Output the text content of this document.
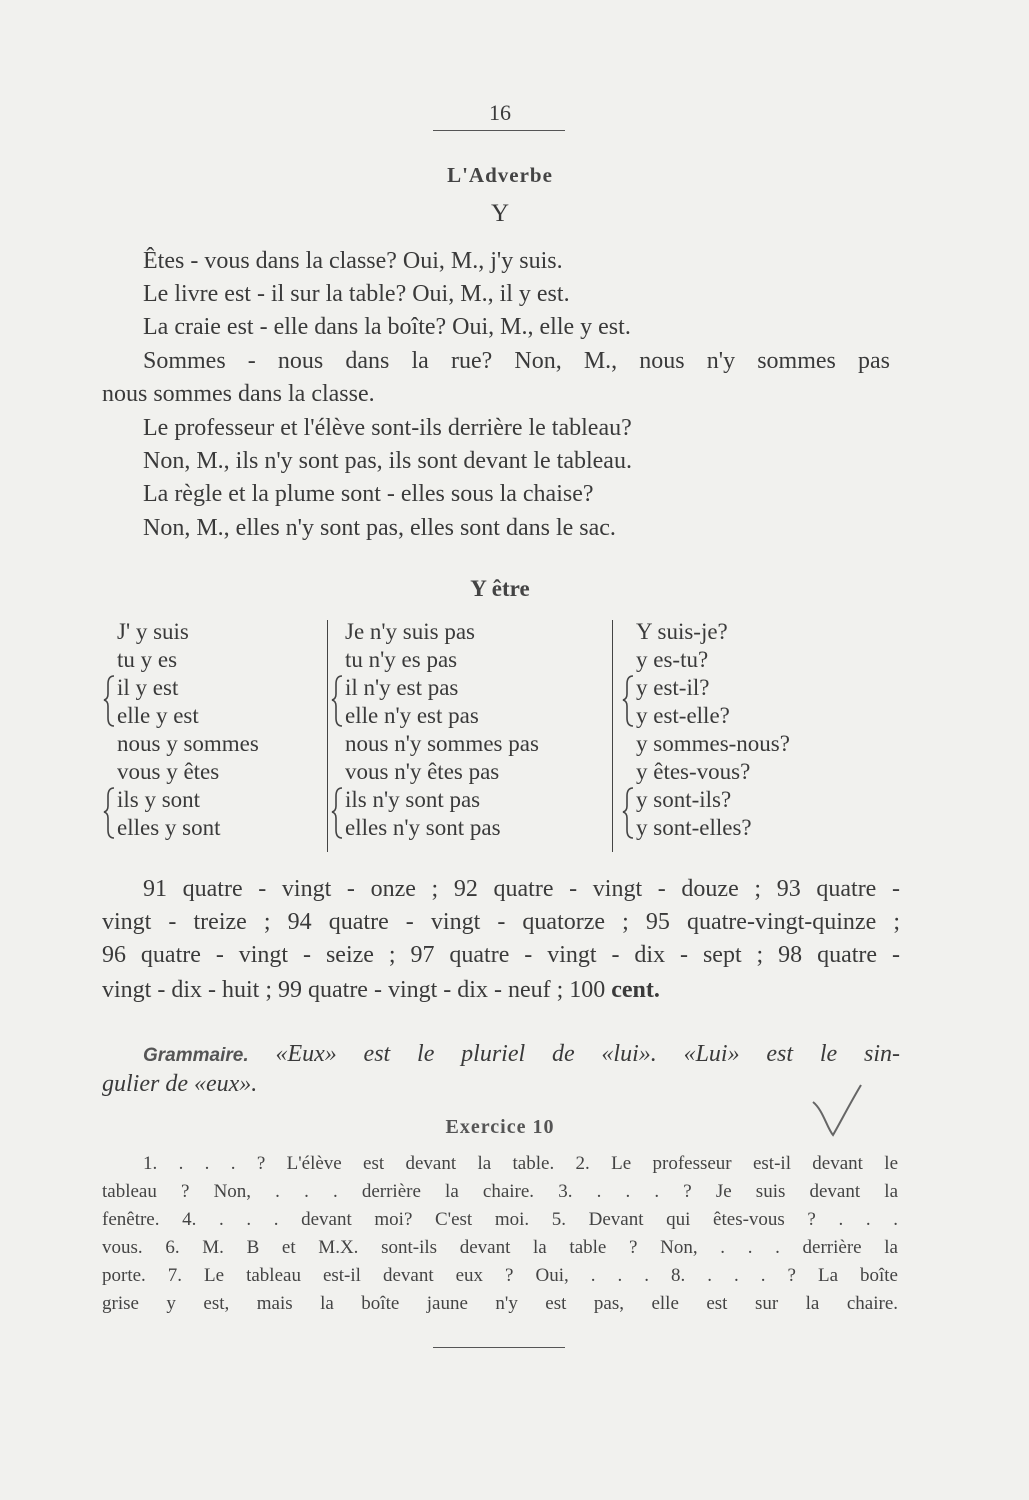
16
L'Adverbe
Y
Êtes - vous dans la classe? Oui, M., j'y suis.
Le livre est - il sur la table? Oui, M., il y est.
La craie est - elle dans la boîte? Oui, M., elle y est.
Sommes - nous dans la rue? Non, M., nous n'y sommes pas
nous sommes dans la classe.
Le professeur et l'élève sont-ils derrière le tableau?
Non, M., ils n'y sont pas, ils sont devant le tableau.
La règle et la plume sont - elles sous la chaise?
Non, M., elles n'y sont pas, elles sont dans le sac.
Y être
J' y suis
tu y es
il y est
elle y est
nous y sommes
vous y êtes
ils y sont
elles y sont
Je n'y suis pas
tu n'y es pas
il n'y est pas
elle n'y est pas
nous n'y sommes pas
vous n'y êtes pas
ils n'y sont pas
elles n'y sont pas
Y suis-je?
y es-tu?
y est-il?
y est-elle?
y sommes-nous?
y êtes-vous?
y sont-ils?
y sont-elles?
91 quatre - vingt - onze ; 92 quatre - vingt - douze ; 93 quatre -
vingt - treize ; 94 quatre - vingt - quatorze ; 95 quatre-vingt-quinze ;
96 quatre - vingt - seize ; 97 quatre - vingt - dix - sept ; 98 quatre -
vingt - dix - huit ; 99 quatre - vingt - dix - neuf ; 100 cent.
Grammaire. «Eux» est le pluriel de «lui». «Lui» est le sin-
gulier de «eux».
Exercice 10
1. . . . ? L'élève est devant la table. 2. Le professeur est-il devant le
tableau ? Non, . . . derrière la chaire. 3. . . . ? Je suis devant la
fenêtre. 4. . . . devant moi? C'est moi. 5. Devant qui êtes-vous ? . . .
vous. 6. M. B et M.X. sont-ils devant la table ? Non, . . . derrière la
porte. 7. Le tableau est-il devant eux ? Oui, . . . 8. . . . ? La boîte
grise y est, mais la boîte jaune n'y est pas, elle est sur la chaire.
